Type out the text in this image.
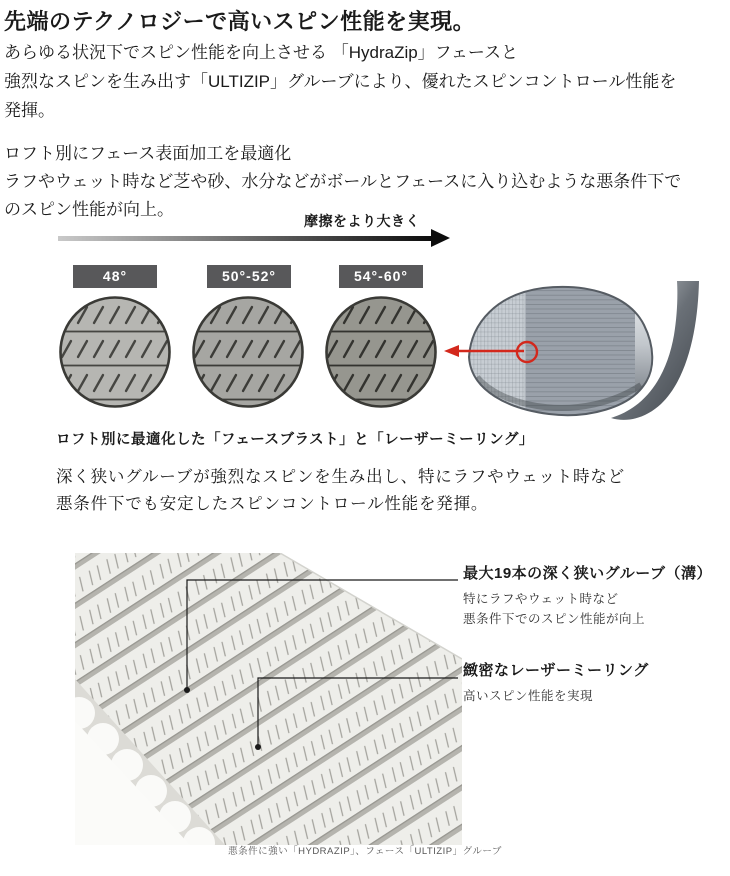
先端のテクノロジーで高いスピン性能を実現。
あらゆる状況下でスピン性能を向上させる 「HydraZip」フェースと
強烈なスピンを生み出す「ULTIZIP」グルーブにより、優れたスピンコントロール性能を
発揮。
ロフト別にフェース表面加工を最適化
ラフやウェット時など芝や砂、水分などがボールとフェースに入り込むような悪条件下で
のスピン性能が向上。
摩擦をより大きく
48°	50°-52°	54°-60°
ロフト別に最適化した「フェースブラスト」と「レーザーミーリング」
深く狭いグルーブが強烈なスピンを生み出し、特にラフやウェット時など
悪条件下でも安定したスピンコントロール性能を発揮。
最大19本の深く狭いグルーブ（溝）
特にラフやウェット時など
悪条件下でのスピン性能が向上
緻密なレーザーミーリング
高いスピン性能を実現
悪条件に強い「HYDRAZIP」、フェース「ULTIZIP」グルーブ
